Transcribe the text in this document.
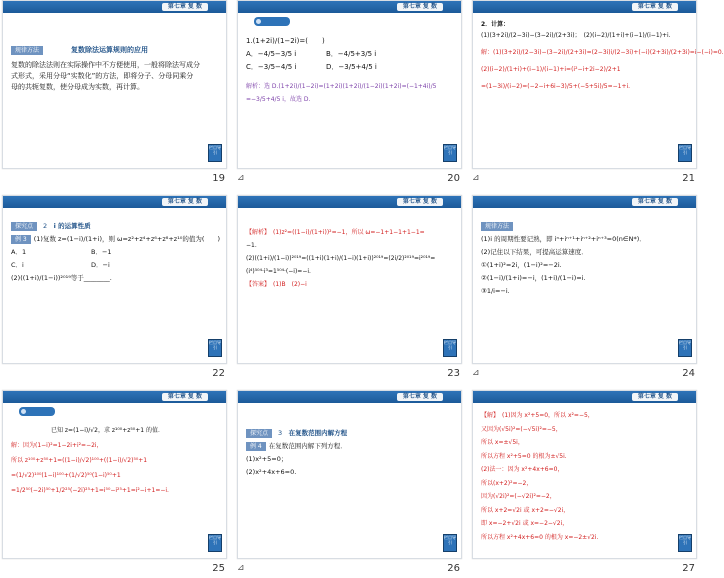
第七章 复 数
规律方法	复数除法运算规则的应用
复数的除法法则在实际操作中不方便使用，一般将除法写成分
式形式，采用分母“实数化”的方法，即将分子、分母同乘分
母的共轭复数，使分母成为实数，再计算。
栏目导引
19
第七章 复 数
1.(1+2i)/(1−2i)=(　　)
A．−4/5−3/5 i	B．−4/5+3/5 i
C．−3/5−4/5 i	D．−3/5+4/5 i
解析：选 D.(1+2i)/(1−2i)=(1+2i)(1+2i)/(1−2i)(1+2i)=(−1+4i)/5
=−3/5+4/5 i，故选 D.
栏目导引
⊿	20
第七章 复 数
2．计算：
(1)(3+2i)/(2−3i)−(3−2i)/(2+3i)；　 (2)(i−2)/(1+i)+(i−1)/(i−1)+i.
解：(1)(3+2i)/(2−3i)−(3−2i)/(2+3i)=(2−3i)i/(2−3i)+(−i)(2+3i)/(2+3i)=i−(−i)=0.
(2)(i−2)/(1+i)+(i−1)/(i−1)+i=(i²−i+2i−2)/2+1
=(1−3i)/(i−2)=(−2−i+6i−3)/5+(−5+5i)/5=−1+i.
栏目导引
⊿	21
第七章 复 数
探究点 2　 i 的运算性质
例 3 (1)复数 z=(1−i)/(1+i)，则 ω=z²+z⁴+z⁶+z⁸+z¹⁰的值为(　　)
A．1	B．−1
C．i	D．−i
(2)((1+i)/(1−i))²⁰¹⁹等于________.
栏目导引
22
第七章 复 数
【解析】　(1)z²=((1−i)/(1+i))²=−1，所以 ω=−1+1−1+1−1=
−1.
(2)((1+i)/(1−i))²⁰¹⁹=((1+i)(1+i)/(1−i)(1+i))²⁰¹⁹=(2i/2)²⁰¹⁹=i²⁰¹⁹=
(i⁴)⁵⁰⁴·i³=1⁵⁰⁴·(−i)=−i.
【答案】　(1)B　(2)−i
栏目导引
23
第七章 复 数
规律方法
(1)i 的周期性要记熟，即 iⁿ+iⁿ⁺¹+iⁿ⁺²+iⁿ⁺³=0(n∈N*)．
(2)记住以下结果，可提高运算速度．
①(1+i)²=2i，(1−i)²=−2i.
②(1−i)/(1+i)=−i，(1+i)/(1−i)=i.
③1/i=−i.
栏目导引
⊿	24
第七章 复 数
已知 z=(1−i)/√2，求 z¹⁰⁰+z⁵⁰+1 的值．
解：因为(1−i)²=1−2i+i²=−2i，
所以 z¹⁰⁰+z⁵⁰+1=((1−i)/√2)¹⁰⁰+((1−i)/√2)⁵⁰+1
=(1/√2)¹⁰⁰(1−i)¹⁰⁰+(1/√2)⁵⁰(1−i)⁵⁰+1
=1/2⁵⁰(−2i)⁵⁰+1/2²⁵(−2i)²⁵+1=i⁵⁰−i²⁵+1=i²−i+1=−i.
栏目导引
25
第七章 复 数
探究点 3　 在复数范围内解方程
例 4 在复数范围内解下列方程．
(1)x²+5=0；
(2)x²+4x+6=0.
栏目导引
⊿	26
第七章 复 数
【解】　(1)因为 x²+5=0，所以 x²=−5，
又因为(√5i)²=(−√5i)²=−5，
所以 x=±√5i，
所以方程 x²+5=0 的根为±√5i.
(2)法一：因为 x²+4x+6=0，
所以(x+2)²=−2，
因为(√2i)²=(−√2i)²=−2，
所以 x+2=√2i 或 x+2=−√2i，
即 x=−2+√2i 或 x=−2−√2i，
所以方程 x²+4x+6=0 的根为 x=−2±√2i.	栏目导引
27
